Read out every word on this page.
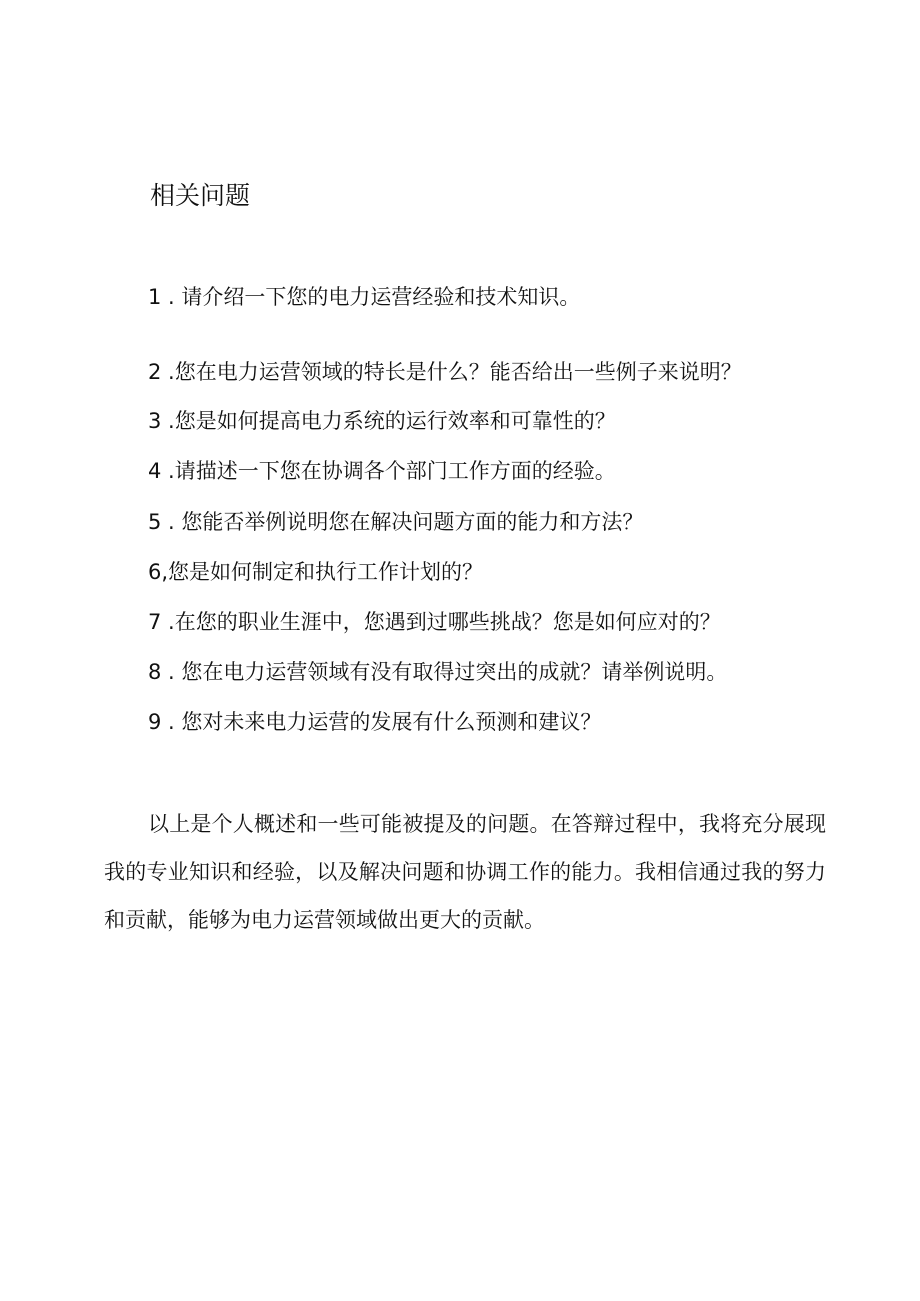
相关问题

1 . 请介绍一下您的电力运营经验和技术知识。

2 .您在电力运营领域的特长是什么？能否给出一些例子来说明？

3 .您是如何提高电力系统的运行效率和可靠性的？

4 .请描述一下您在协调各个部门工作方面的经验。

5 . 您能否举例说明您在解决问题方面的能力和方法？

6,您是如何制定和执行工作计划的？

7 .在您的职业生涯中，您遇到过哪些挑战？您是如何应对的？

8 . 您在电力运营领域有没有取得过突出的成就？请举例说明。

9 . 您对未来电力运营的发展有什么预测和建议？

以上是个人概述和一些可能被提及的问题。在答辩过程中，我将充分展现我的专业知识和经验，以及解决问题和协调工作的能力。我相信通过我的努力和贡献，能够为电力运营领域做出更大的贡献。
